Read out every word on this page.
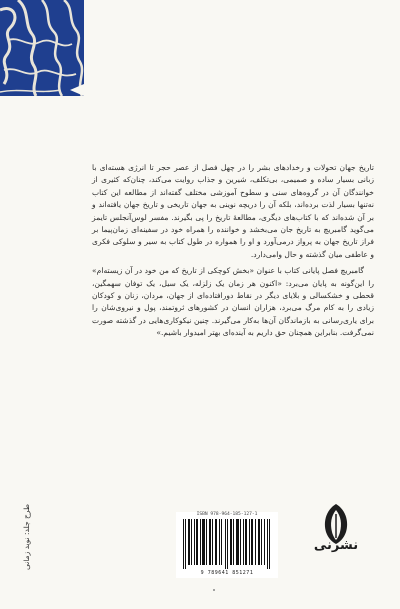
تاریخ جهان تحولات و رخدادهای بشر را در چهل فصل از عصر حجر تا انرژی هسته‌ای با زبانی بسیار ساده و صمیمی، بی‌تکلف، شیرین و جذاب روایت می‌کند، چنان‌که کثیری از خوانندگان آن در گروه‌های سنی و سطوح آموزشی مختلف گفته‌اند از مطالعه این کتاب نه‌تنها بسیار لذت برده‌اند، بلکه آن را دریچه نوینی به جهان تاریخی و تاریخ جهان یافته‌اند و بر آن شده‌اند که با کتاب‌های دیگری، مطالعهٔ تاریخ را پی بگیرند. مفسر لوس‌آنجلس تایمز می‌گوید گامبریچ به تاریخ جان می‌بخشد و خواننده را همراه خود در سفینه‌ای زمان‌پیما بر فراز تاریخ جهان به پرواز درمی‌آورد و او را همواره در طول کتاب به سیر و سلوکی فکری و عاطفی میان گذشته و حال وامی‌دارد.

گامبریچ فصل پایانی کتاب با عنوان «بخش کوچکی از تاریخ که من خود در آن زیسته‌ام» را این‌گونه به پایان می‌برد: «اکنون هر زمان یک زلزله، یک سیل، یک توفان سهمگین، قحطی و خشکسالی و بلایای دیگر در نقاط دورافتاده‌ای از جهان، مردان، زنان و کودکان زیادی را به کام مرگ می‌برد، هزاران انسان در کشورهای ثروتمند، پول و نیروی‌شان را برای یاری‌رسانی به بازماندگان آن‌ها به‌کار می‌گیرند. چنین نیکوکاری‌هایی در گذشته صورت نمی‌گرفت. بنابراین همچنان حق داریم به آینده‌ای بهتر امیدوار باشیم.»

طرح جلد: نوید زمانی	ISBN 978-964-185-127-1
9 789641 851271
نشرنی
